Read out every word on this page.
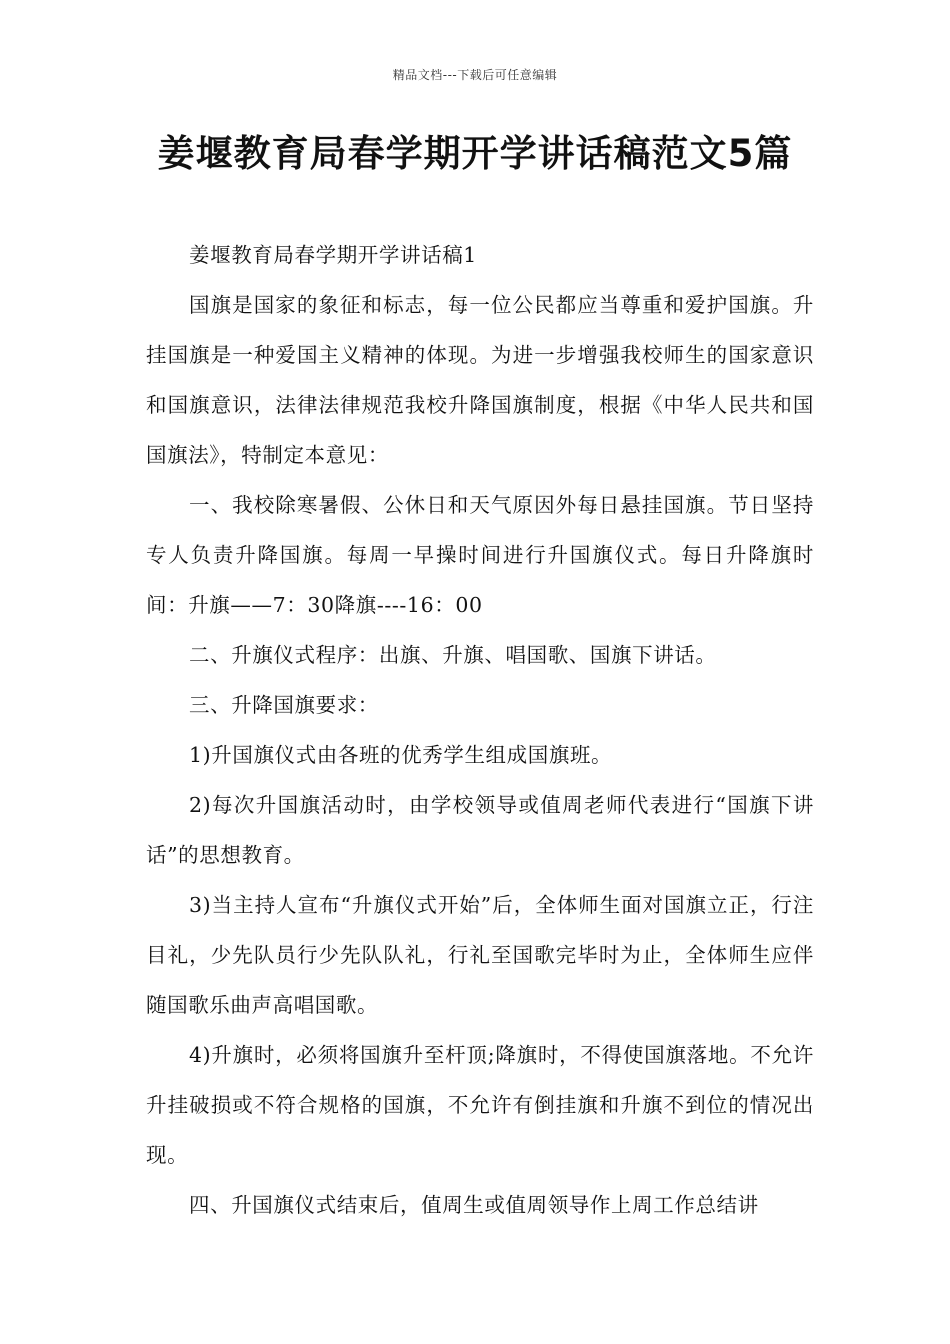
精品文档---下载后可任意编辑
姜堰教育局春学期开学讲话稿范文5篇

姜堰教育局春学期开学讲话稿1

国旗是国家的象征和标志，每一位公民都应当尊重和爱护国旗。升挂国旗是一种爱国主义精神的体现。为进一步增强我校师生的国家意识和国旗意识，法律法律规范我校升降国旗制度，根据《中华人民共和国国旗法》，特制定本意见：

一、我校除寒暑假、公休日和天气原因外每日悬挂国旗。节日坚持专人负责升降国旗。每周一早操时间进行升国旗仪式。每日升降旗时间：升旗——7：30降旗----16：00

二、升旗仪式程序：出旗、升旗、唱国歌、国旗下讲话。

三、升降国旗要求：

1)升国旗仪式由各班的优秀学生组成国旗班。

2)每次升国旗活动时，由学校领导或值周老师代表进行“国旗下讲话”的思想教育。

3)当主持人宣布“升旗仪式开始”后，全体师生面对国旗立正，行注目礼，少先队员行少先队队礼，行礼至国歌完毕时为止，全体师生应伴随国歌乐曲声高唱国歌。

4)升旗时，必须将国旗升至杆顶;降旗时，不得使国旗落地。不允许升挂破损或不符合规格的国旗，不允许有倒挂旗和升旗不到位的情况出现。

四、升国旗仪式结束后，值周生或值周领导作上周工作总结讲
